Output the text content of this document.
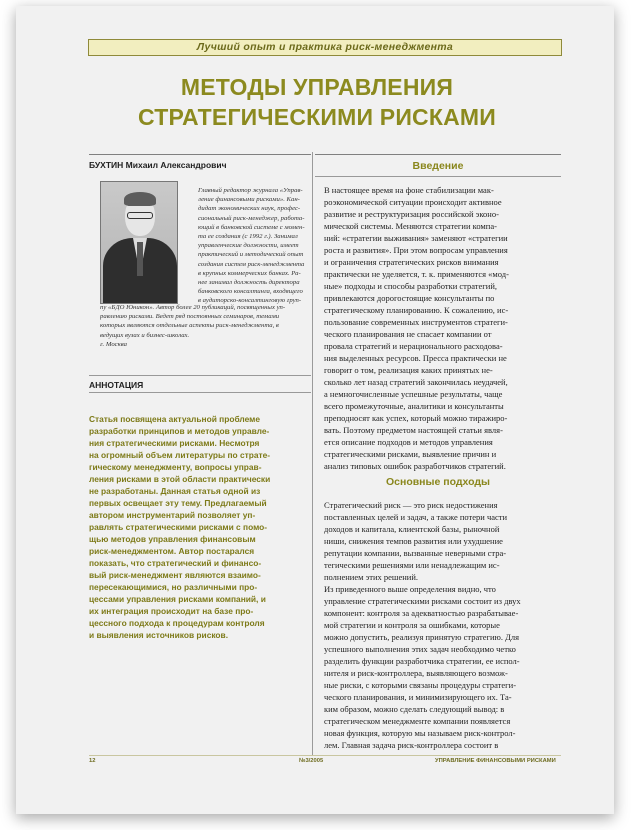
Лучший опыт и практика риск-менеджмента
МЕТОДЫ УПРАВЛЕНИЯ
СТРАТЕГИЧЕСКИМИ РИСКАМИ
БУХТИН Михаил Александрович
Главный редактор журнала «Управ-
ление финансовыми рисками». Кан-
дидат экономических наук, профес-
сиональный риск-менеджер, работа-
ющий в банковской системе с момен-
та ее создания (с 1992 г.). Занимал
управленческие должности, имеет
практический и методический опыт
создания систем риск-менеджмента
в крупных коммерческих банках. Ра-
нее занимал должность директора
банковского консалтинга, входящего
в аудиторско-консалтинговую груп-
пу «БДО Юникон». Автор более 20 публикаций, посвященных уп-
равлению рисками. Ведет ряд постоянных семинаров, темами
которых являются отдельные аспекты риск-менеджмента, в
ведущих вузах и бизнес-школах.
г. Москва
АННОТАЦИЯ
Статья посвящена актуальной проблеме
разработки принципов и методов управле-
ния стратегическими рисками. Несмотря
на огромный объем литературы по страте-
гическому менеджменту, вопросы управ-
ления рисками в этой области практически
не разработаны. Данная статья одной из
первых освещает эту тему. Предлагаемый
автором инструментарий позволяет уп-
равлять стратегическими рисками с помо-
щью методов управления финансовым
риск-менеджментом. Автор постарался
показать, что стратегический и финансо-
вый риск-менеджмент являются взаимо-
пересекающимися, но различными про-
цессами управления рисками компаний, и
их интеграция происходит на базе про-
цессного подхода к процедурам контроля
и выявления источников рисков.
Введение
В настоящее время на фоне стабилизации мак-
роэкономической ситуации происходит активное
развитие и реструктуризация российской эконо-
мической системы. Меняются стратегии компа-
ний: «стратегии выживания» заменяют «стратегии
роста и развития». При этом вопросам управления
и ограничения стратегических рисков внимания
практически не уделяется, т. к. применяются «мод-
ные» подходы и способы разработки стратегий,
привлекаются дорогостоящие консультанты по
стратегическому планированию. К сожалению, ис-
пользование современных инструментов стратеги-
ческого планирования не спасает компании от
провала стратегий и нерационального расходова-
ния выделенных ресурсов. Пресса практически не
говорит о том, реализация каких принятых не-
сколько лет назад стратегий закончилась неудачей,
а немногочисленные успешные результаты, чаще
всего промежуточные, аналитики и консультанты
преподносят как успех, который можно тиражиро-
вать. Поэтому предметом настоящей статьи явля-
ется описание подходов и методов управления
стратегическими рисками, выявление причин и
анализ типовых ошибок разработчиков стратегий.
Основные подходы
Стратегический риск — это риск недостижения
поставленных целей и задач, а также потери части
доходов и капитала, клиентской базы, рыночной
ниши, снижения темпов развития или ухудшение
репутации компании, вызванные неверными стра-
тегическими решениями или ненадлежащим ис-
полнением этих решений.
Из приведенного выше определения видно, что
управление стратегическими рисками состоит из двух
компонент: контроля за адекватностью разрабатывае-
мой стратегии и контроля за ошибками, которые
можно допустить, реализуя принятую стратегию. Для
успешного выполнения этих задач необходимо четко
разделить функции разработчика стратегии, ее испол-
нителя и риск-контроллера, выявляющего возмож-
ные риски, с которыми связаны процедуры стратеги-
ческого планирования, и минимизирующего их. Та-
ким образом, можно сделать следующий вывод: в
стратегическом менеджменте компании появляется
новая функция, которую мы называем риск-контрол-
лем. Главная задача риск-контроллера состоит в
12	№3/2005	УПРАВЛЕНИЕ ФИНАНСОВЫМИ РИСКАМИ
